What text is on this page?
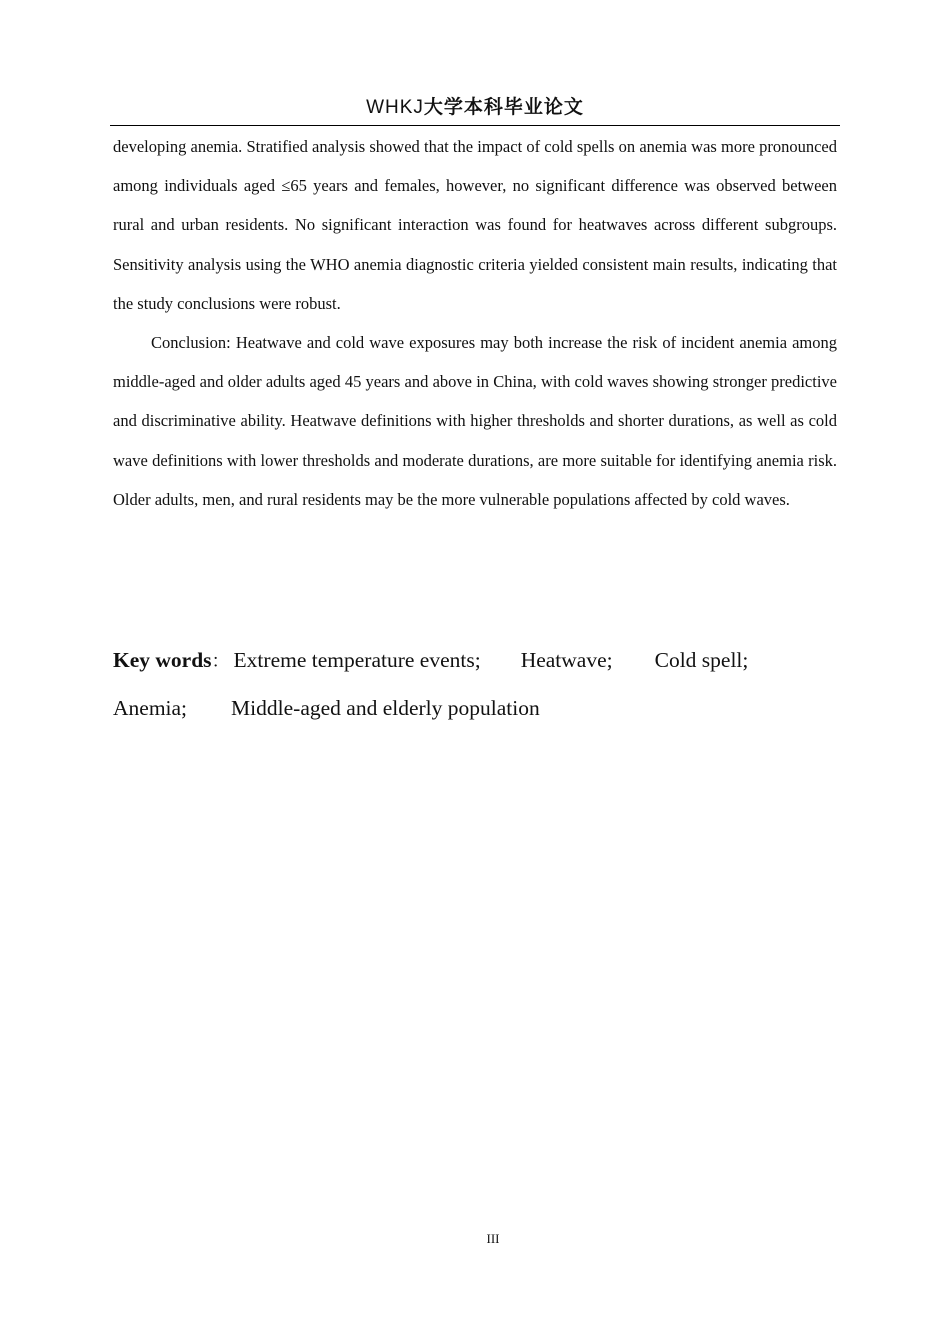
WHKJ大学本科毕业论文

developing anemia. Stratified analysis showed that the impact of cold spells on anemia was more pronounced among individuals aged ≤65 years and females, however, no significant difference was observed between rural and urban residents. No significant interaction was found for heatwaves across different subgroups. Sensitivity analysis using the WHO anemia diagnostic criteria yielded consistent main results, indicating that the study conclusions were robust.

Conclusion: Heatwave and cold wave exposures may both increase the risk of incident anemia among middle-aged and older adults aged 45 years and above in China, with cold waves showing stronger predictive and discriminative ability. Heatwave definitions with higher thresholds and shorter durations, as well as cold wave definitions with lower thresholds and moderate durations, are more suitable for identifying anemia risk. Older adults, men, and rural residents may be the more vulnerable populations affected by cold waves.

Key words： Extreme temperature events; Heatwave; Cold spell;
Anemia; Middle-aged and elderly population
III
